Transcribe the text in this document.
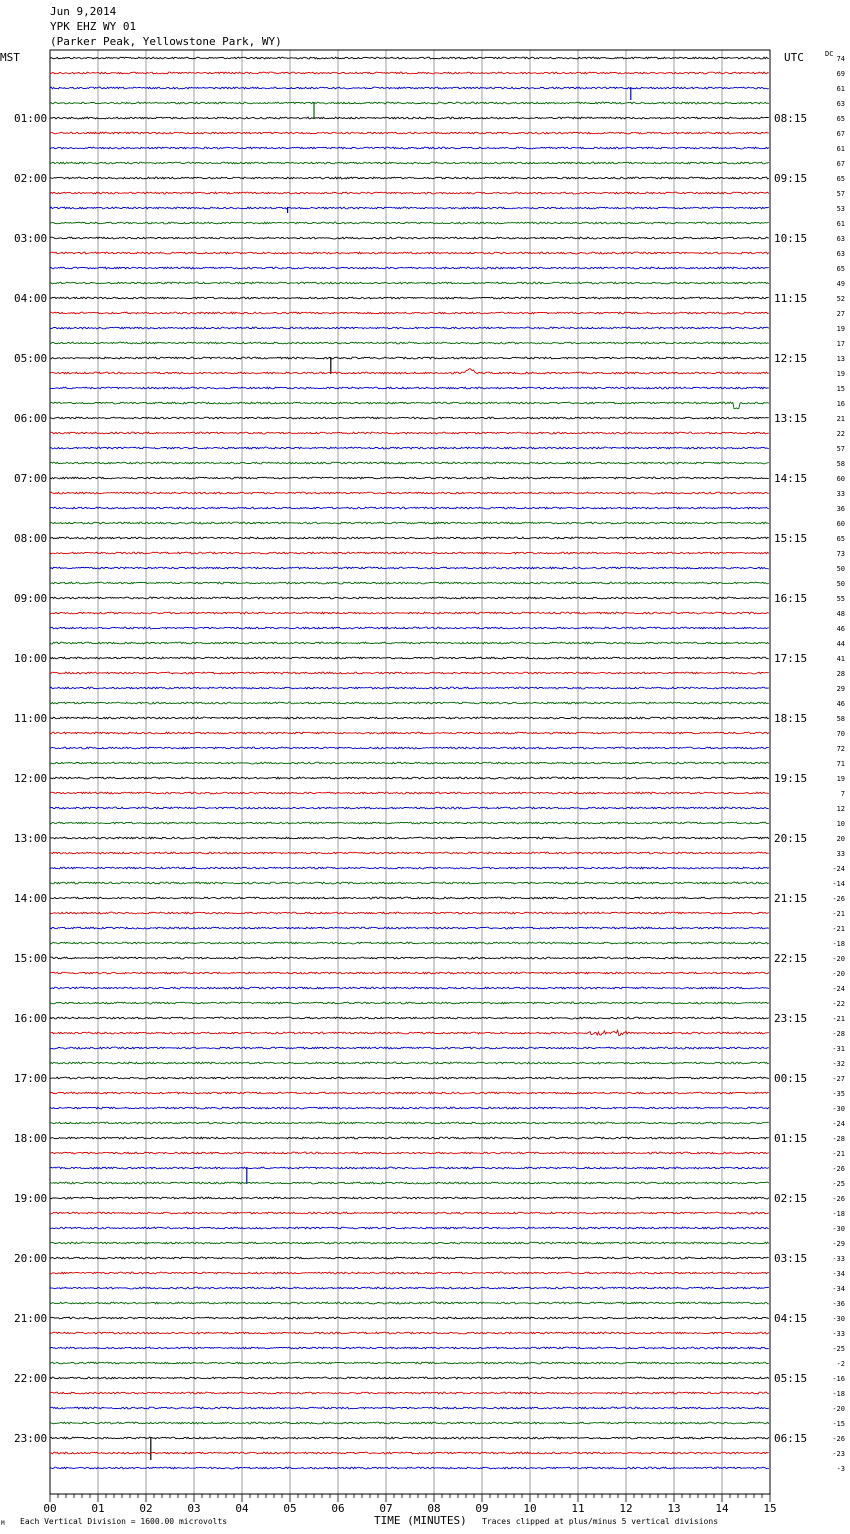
Jun 9,2014
YPK EHZ WY 01
(Parker Peak, Yellowstone Park, WY)
MST	UTC	DC
01:00
02:00
03:00
04:00
05:00
06:00
07:00
08:00
09:00
10:00
11:00
12:00
13:00
14:00
15:00
16:00
17:00
18:00
19:00
20:00
21:00
22:00
23:00
08:15
09:15
10:15
11:15
12:15
13:15
14:15
15:15
16:15
17:15
18:15
19:15
20:15
21:15
22:15
23:15
00:15
01:15
02:15
03:15
04:15
05:15
06:15
74
69
61
63
65
67
61
67
65
57
53
61
63
63
65
49
52
27
19
17
13
19
15
16
21
22
57
58
60
33
36
60
65
73
50
50
55
48
46
44
41
28
29
46
58
70
72
71
19
7
12
10
20
33
-24
-14
-26
-21
-21
-18
-20
-20
-24
-22
-21
-28
-31
-32
-27
-35
-30
-24
-28
-21
-26
-25
-26
-18
-30
-29
-33
-34
-34
-36
-30
-33
-25
-2
-16
-18
-20
-15
-26
-23
-3
00	01	02	03	04	05	06	07	08	09	10	11	12	13	14	15
M Each Vertical Division = 1600.00 microvolts	TIME (MINUTES) Traces clipped at plus/minus 5 vertical divisions
